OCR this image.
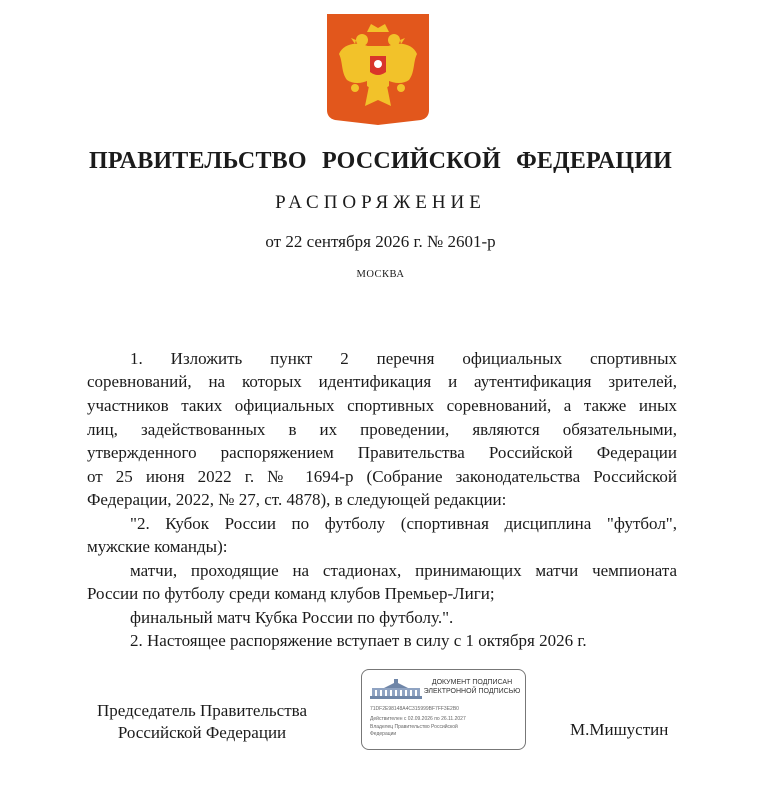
ПРАВИТЕЛЬСТВО РОССИЙСКОЙ ФЕДЕРАЦИИ
РАСПОРЯЖЕНИЕ
от 22 сентября 2026 г. № 2601-р
МОСКВА
1. Изложить пункт 2 перечня официальных спортивных
соревнований, на которых идентификация и аутентификация зрителей,
участников таких официальных спортивных соревнований, а также иных
лиц, задействованных в их проведении, являются обязательными,
утвержденного распоряжением Правительства Российской Федерации
от 25 июня 2022 г. № 1694-р (Собрание законодательства Российской
Федерации, 2022, № 27, ст. 4878), в следующей редакции:
"2. Кубок России по футболу (спортивная дисциплина "футбол",
мужские команды):
матчи, проходящие на стадионах, принимающих матчи чемпионата
России по футболу среди команд клубов Премьер-Лиги;
финальный матч Кубка России по футболу.".
2. Настоящее распоряжение вступает в силу с 1 октября 2026 г.
Председатель Правительства
Российской Федерации
ДОКУМЕНТ ПОДПИСАН
ЭЛЕКТРОННОЙ ПОДПИСЬЮ
71DF2E98148A4C315999BF7FF3E2B0
Действителен с 02.09.2026 по 26.11.2027
Владелец Правительство Российской
Федерации	М.Мишустин
